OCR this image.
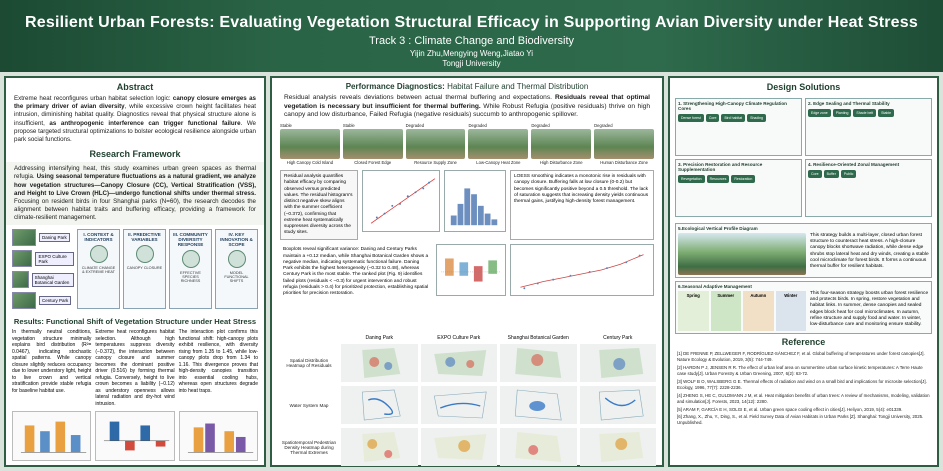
Resilient Urban Forests: Evaluating Vegetation Structural Efficacy in Supporting Avian Diversity under Heat Stress
Track 3 : Climate Change and Biodiversity
Yijin Zhu,Mengying Weng,Jiatao Yi
Tongji University
Abstract
Extreme heat reconfigures urban habitat selection logic: canopy closure emerges as the primary driver of avian diversity, while excessive crown height facilitates heat intrusion, diminishing habitat quality. Diagnostics reveal that physical structure alone is insufficient, as anthropogenic interference can trigger functional failure. We propose targeted structural optimizations to bolster ecological resilience alongside urban park social functions.
Research Framework
Addressing intensifying heat, this study examines urban green spaces as thermal refugia. Using seasonal temperature fluctuations as a natural gradient, we analyze how vegetation structures—Canopy Closure (CC), Vertical Stratification (VSS), and Height to Live Crown (HLC)—undergo functional shifts under thermal stress. Focusing on resident birds in four Shanghai parks (N=60), the research decodes the alignment between habitat traits and buffering efficacy, providing a framework for climate-resilient management.
Daning Park
EXPO Culture Park
Shanghai Botanical Garden
Century Park
I. CONTEXT & INDICATORS
CLIMATE CHANGE & EXTREME HEAT
II. PREDICTIVE VARIABLES
CANOPY CLOSURE
III. COMMUNITY DIVERSITY RESPONSE
EFFECTIVE SPECIES RICHNESS
IV. KEY INNOVATION & SCOPE
MODEL FUNCTIONAL SHIFTS
Results: Functional Shift of Vegetation Structure under Heat Stress
In thermally neutral conditions, vegetation structure minimally explains bird distribution (R²= 0.0467), indicating stochastic spatial patterns. While canopy closure slightly reduces occupancy due to lower understory light, height to live crown and vertical stratification provide stable refugia for baseline habitat use.
Extreme heat reconfigures habitat selection. Although high temperatures suppress diversity (−0.372), the interaction between canopy closure and summer becomes the dominant positive driver (0.516) by forming thermal refugia. Conversely, height to live crown becomes a liability (−0.12) as understory openness allows lateral radiation and dry-hot wind intrusion.
The interaction plot confirms this functional shift: high-canopy plots exhibit resilience, with diversity rising from 1.35 to 1.45, while low-canopy plots drop from 1.34 to 1.16. This divergence proves that high-density canopies transition into essential cooling hubs, whereas open structures degrade into heat traps.
Performance Diagnostics: Habitat Failure and Thermal Distribution
Residual analysis reveals deviations between actual thermal buffering and expectations. Residuals reveal that optimal vegetation is necessary but insufficient for thermal buffering. While Robust Refugia (positive residuals) thrive on high canopy and low disturbance, Failed Refugia (negative residuals) succumb to anthropogenic spillover.
Stable
High Canopy Cold Island
Stable
Closed Forest Edge
Degraded
Resource Supply Zone
Degraded
Low-Canopy Heat Zone
Degraded
High Disturbance Zone
Degraded
Human Disturbance Zone
Residual analysis quantifies habitat efficacy by comparing observed versus predicted values. The residual histogram's distinct negative skew aligns with the summer coefficient (−0.372), confirming that extreme heat systematically suppresses diversity across the study sites.
LOESS smoothing indicates a monotonic rise in residuals with canopy closure. Buffering falls at low closure (0-0.2) but becomes significantly positive beyond a 0.5 threshold. The lack of saturation suggests that increasing density yields continuous thermal gains, justifying high-density forest management.
Boxplots reveal significant variance: Daning and Century Parks maintain a +0.12 median, while Shanghai Botanical Garden shows a negative median, indicating systematic functional failure. Daning Park exhibits the highest heterogeneity (−0.32 to 0.48), whereas Century Park is the most stable. The ranked plot (Fig. 9) identifies failed plots (residuals < −0.3) for urgent intervention and robust refugia (residuals > 0.4) for prioritized protection, establishing spatial priorities for precision restoration.
Daning Park	EXPO Culture Park	Shanghai Botanical Garden	Century Park
Spatial Distribution Heatmap of Residuals
Water System Map
Spatiotemporal Pedestrian Density Heatmap during Thermal Extremes
Design Solutions
1. Strengthening High-Canopy Climate Regulation Cores
Dense forest	Core	Bird habitat	Shading
2. Edge Sealing and Thermal Stability
Edge zone	Planting	Shade belt	Stable
3. Precision Restoration and Resource Supplementation
Revegetation	Resources	Restoration
4. Resilience-Oriented Zonal Management
Core	Buffer	Public
5.Ecological Vertical Profile Diagram
This strategy builds a multi-layer, closed urban forest structure to counteract heat stress. A high-closure canopy blocks shortwave radiation, while dense edge shrubs stop lateral heat and dry winds, creating a stable cool microclimate for forest birds. It forms a continuous thermal buffer for resilient habitats.
6.Seasonal Adaptive Management
Spring	Summer	Autumn	Winter	This four-season strategy boosts urban forest resilience and protects birds. In spring, restore vegetation and habitat links. In summer, dense canopies and sealed edges block heat for cool microclimates. In autumn, refine structure and supply food and water. In winter, low-disturbance care and monitoring ensure stability.
Reference
[1] DE FRENNE P, ZELLWEGER F, RODRÍGUEZ-SÁNCHEZ F, et al. Global buffering of temperatures under forest canopies[J]. Nature Ecology & Evolution, 2019, 3(5): 744-749.
[2] HARDIN P J, JENSEN R R. The effect of urban leaf area on summertime urban surface kinetic temperatures: A Terre Haute case study[J]. Urban Forestry & Urban Greening, 2007, 6(2): 63-72.
[3] WOLF B O, WALSBERG G E. Thermal effects of radiation and wind on a small bird and implications for microsite selection[J]. Ecology, 1996, 77(7): 2228-2236.
[4] ZHENG S, HE C, GULDMANN J M, et al. Heat mitigation benefits of urban trees: A review of mechanisms, modeling, validation and simulation[J]. Forests, 2023, 14(12): 2280.
[5] ARAM F, GARCÍA E H, SOLGI E, et al. Urban green space cooling effect in cities[J]. Heliyon, 2019, 5(4): e01339.
[6] Zhang, X., Zhu, Y., Ding, S., et al. Field Survey Data of Avian Habitats in Urban Parks [Z]. Shanghai: Tongji University, 2025. Unpublished.
